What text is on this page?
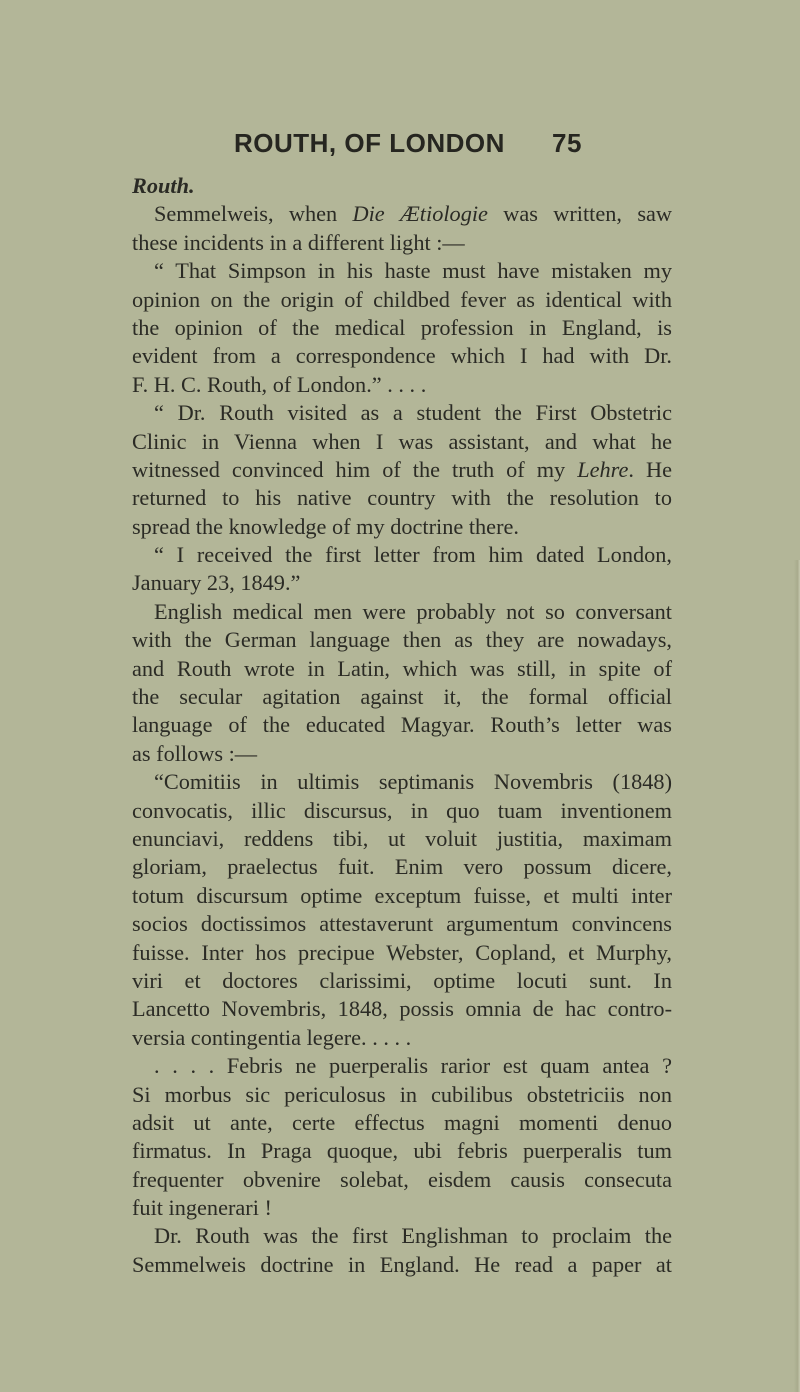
ROUTH, OF LONDON 75
Routh.
Semmelweis, when Die Ætiologie was written, saw
these incidents in a different light :—
“ That Simpson in his haste must have mistaken my
opinion on the origin of childbed fever as identical with
the opinion of the medical profession in England, is
evident from a correspondence which I had with Dr.
F. H. C. Routh, of London.” . . . .
“ Dr. Routh visited as a student the First Obstetric
Clinic in Vienna when I was assistant, and what he
witnessed convinced him of the truth of my Lehre. He
returned to his native country with the resolution to
spread the knowledge of my doctrine there.
“ I received the first letter from him dated London,
January 23, 1849.”
English medical men were probably not so conversant
with the German language then as they are nowadays,
and Routh wrote in Latin, which was still, in spite of
the secular agitation against it, the formal official
language of the educated Magyar. Routh’s letter was
as follows :—
“Comitiis in ultimis septimanis Novembris (1848)
convocatis, illic discursus, in quo tuam inventionem
enunciavi, reddens tibi, ut voluit justitia, maximam
gloriam, praelectus fuit. Enim vero possum dicere,
totum discursum optime exceptum fuisse, et multi inter
socios doctissimos attestaverunt argumentum convincens
fuisse. Inter hos precipue Webster, Copland, et Murphy,
viri et doctores clarissimi, optime locuti sunt. In
Lancetto Novembris, 1848, possis omnia de hac contro-
versia contingentia legere. . . . .
. . . . Febris ne puerperalis rarior est quam antea ?
Si morbus sic periculosus in cubilibus obstetriciis non
adsit ut ante, certe effectus magni momenti denuo
firmatus. In Praga quoque, ubi febris puerperalis tum
frequenter obvenire solebat, eisdem causis consecuta
fuit ingenerari !
Dr. Routh was the first Englishman to proclaim the
Semmelweis doctrine in England. He read a paper at
